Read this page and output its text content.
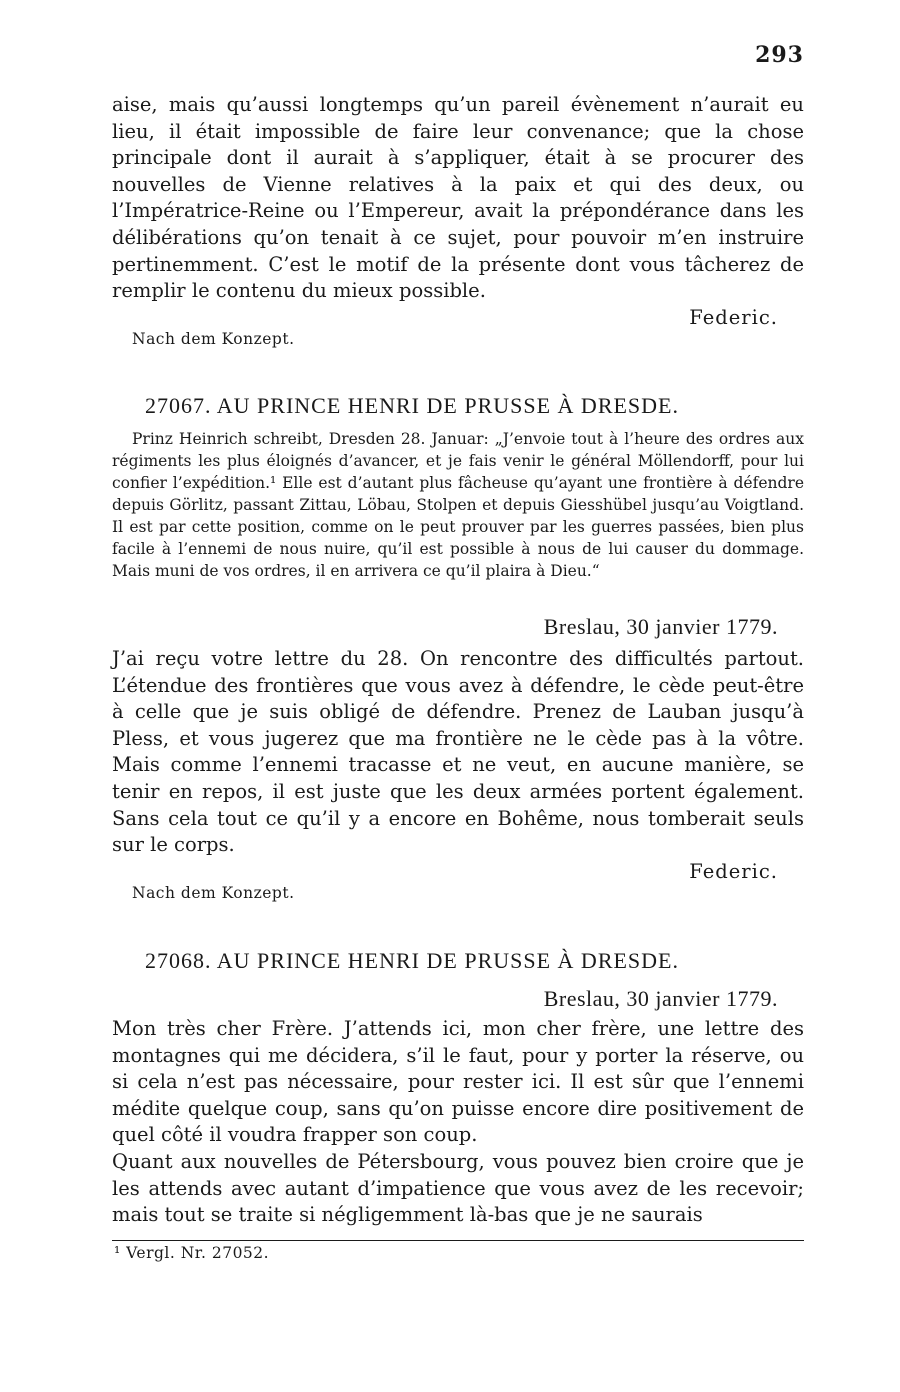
293

aise, mais qu’aussi longtemps qu’un pareil évènement n’aurait eu lieu, il était impossible de faire leur convenance; que la chose principale dont il aurait à s’appliquer, était à se procurer des nouvelles de Vienne relatives à la paix et qui des deux, ou l’Impératrice-Reine ou l’Empereur, avait la prépondérance dans les délibérations qu’on tenait à ce sujet, pour pouvoir m’en instruire pertinemment. C’est le motif de la présente dont vous tâcherez de remplir le contenu du mieux possible.

Federic.
Nach dem Konzept.
27067. AU PRINCE HENRI DE PRUSSE À DRESDE.

Prinz Heinrich schreibt, Dresden 28. Januar: „J’envoie tout à l’heure des ordres aux régiments les plus éloignés d’avancer, et je fais venir le général Möllendorff, pour lui confier l’expédition.¹ Elle est d’autant plus fâcheuse qu’ayant une frontière à défendre depuis Görlitz, passant Zittau, Löbau, Stolpen et depuis Giesshübel jusqu’au Voigtland. Il est par cette position, comme on le peut prouver par les guerres passées, bien plus facile à l’ennemi de nous nuire, qu’il est possible à nous de lui causer du dommage. Mais muni de vos ordres, il en arrivera ce qu’il plaira à Dieu.“

Breslau, 30 janvier 1779.

J’ai reçu votre lettre du 28. On rencontre des difficultés partout. L’étendue des frontières que vous avez à défendre, le cède peut-être à celle que je suis obligé de défendre. Prenez de Lauban jusqu’à Pless, et vous jugerez que ma frontière ne le cède pas à la vôtre. Mais comme l’ennemi tracasse et ne veut, en aucune manière, se tenir en repos, il est juste que les deux armées portent également. Sans cela tout ce qu’il y a encore en Bohême, nous tomberait seuls sur le corps.

Federic.
Nach dem Konzept.
27068. AU PRINCE HENRI DE PRUSSE À DRESDE.
Breslau, 30 janvier 1779.

Mon très cher Frère. J’attends ici, mon cher frère, une lettre des montagnes qui me décidera, s’il le faut, pour y porter la réserve, ou si cela n’est pas nécessaire, pour rester ici. Il est sûr que l’ennemi médite quelque coup, sans qu’on puisse encore dire positivement de quel côté il voudra frapper son coup.

Quant aux nouvelles de Pétersbourg, vous pouvez bien croire que je les attends avec autant d’impatience que vous avez de les recevoir; mais tout se traite si négligemment là-bas que je ne saurais

¹ Vergl. Nr. 27052.
